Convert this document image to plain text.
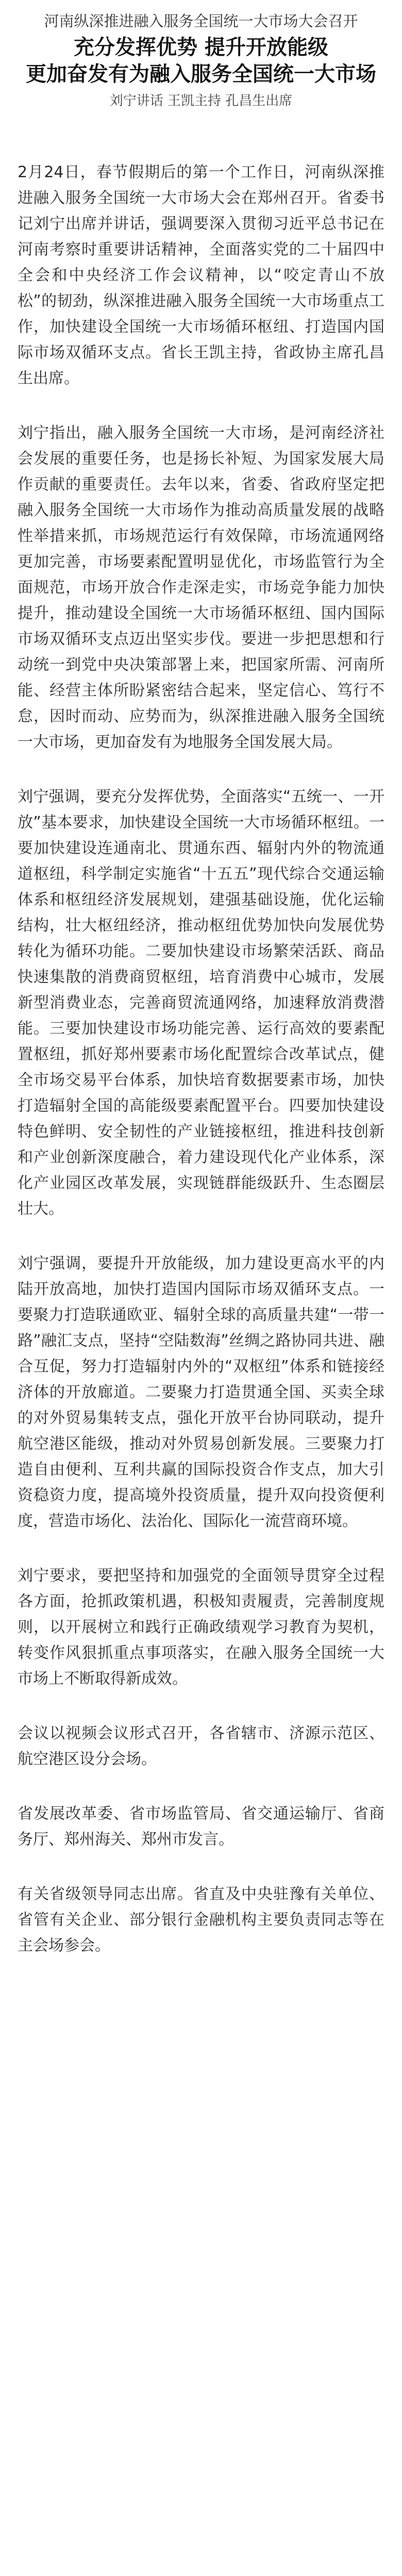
河南纵深推进融入服务全国统一大市场大会召开

充分发挥优势 提升开放能级
更加奋发有为融入服务全国统一大市场

刘宁讲话 王凯主持 孔昌生出席

2月24日，春节假期后的第一个工作日，河南纵深推进融入服务全国统一大市场大会在郑州召开。省委书记刘宁出席并讲话，强调要深入贯彻习近平总书记在河南考察时重要讲话精神，全面落实党的二十届四中全会和中央经济工作会议精神，以“咬定青山不放松”的韧劲，纵深推进融入服务全国统一大市场重点工作，加快建设全国统一大市场循环枢纽、打造国内国际市场双循环支点。省长王凯主持，省政协主席孔昌生出席。

刘宁指出，融入服务全国统一大市场，是河南经济社会发展的重要任务，也是扬长补短、为国家发展大局作贡献的重要责任。去年以来，省委、省政府坚定把融入服务全国统一大市场作为推动高质量发展的战略性举措来抓，市场规范运行有效保障，市场流通网络更加完善，市场要素配置明显优化，市场监管行为全面规范，市场开放合作走深走实，市场竞争能力加快提升，推动建设全国统一大市场循环枢纽、国内国际市场双循环支点迈出坚实步伐。要进一步把思想和行动统一到党中央决策部署上来，把国家所需、河南所能、经营主体所盼紧密结合起来，坚定信心、笃行不怠，因时而动、应势而为，纵深推进融入服务全国统一大市场，更加奋发有为地服务全国发展大局。

刘宁强调，要充分发挥优势，全面落实“五统一、一开放”基本要求，加快建设全国统一大市场循环枢纽。一要加快建设连通南北、贯通东西、辐射内外的物流通道枢纽，科学制定实施省“十五五”现代综合交通运输体系和枢纽经济发展规划，建强基础设施，优化运输结构，壮大枢纽经济，推动枢纽优势加快向发展优势转化为循环功能。二要加快建设市场繁荣活跃、商品快速集散的消费商贸枢纽，培育消费中心城市，发展新型消费业态，完善商贸流通网络，加速释放消费潜能。三要加快建设市场功能完善、运行高效的要素配置枢纽，抓好郑州要素市场化配置综合改革试点，健全市场交易平台体系，加快培育数据要素市场，加快打造辐射全国的高能级要素配置平台。四要加快建设特色鲜明、安全韧性的产业链接枢纽，推进科技创新和产业创新深度融合，着力建设现代化产业体系，深化产业园区改革发展，实现链群能级跃升、生态圈层壮大。

刘宁强调，要提升开放能级，加力建设更高水平的内陆开放高地，加快打造国内国际市场双循环支点。一要聚力打造联通欧亚、辐射全球的高质量共建“一带一路”融汇支点，坚持“空陆数海”丝绸之路协同共进、融合互促，努力打造辐射内外的“双枢纽”体系和链接经济体的开放廊道。二要聚力打造贯通全国、买卖全球的对外贸易集转支点，强化开放平台协同联动，提升航空港区能级，推动对外贸易创新发展。三要聚力打造自由便利、互利共赢的国际投资合作支点，加大引资稳资力度，提高境外投资质量，提升双向投资便利度，营造市场化、法治化、国际化一流营商环境。

刘宁要求，要把坚持和加强党的全面领导贯穿全过程各方面，抢抓政策机遇，积极知责履责，完善制度规则，以开展树立和践行正确政绩观学习教育为契机，转变作风狠抓重点事项落实，在融入服务全国统一大市场上不断取得新成效。

会议以视频会议形式召开，各省辖市、济源示范区、航空港区设分会场。

省发展改革委、省市场监管局、省交通运输厅、省商务厅、郑州海关、郑州市发言。

有关省级领导同志出席。省直及中央驻豫有关单位、省管有关企业、部分银行金融机构主要负责同志等在主会场参会。
